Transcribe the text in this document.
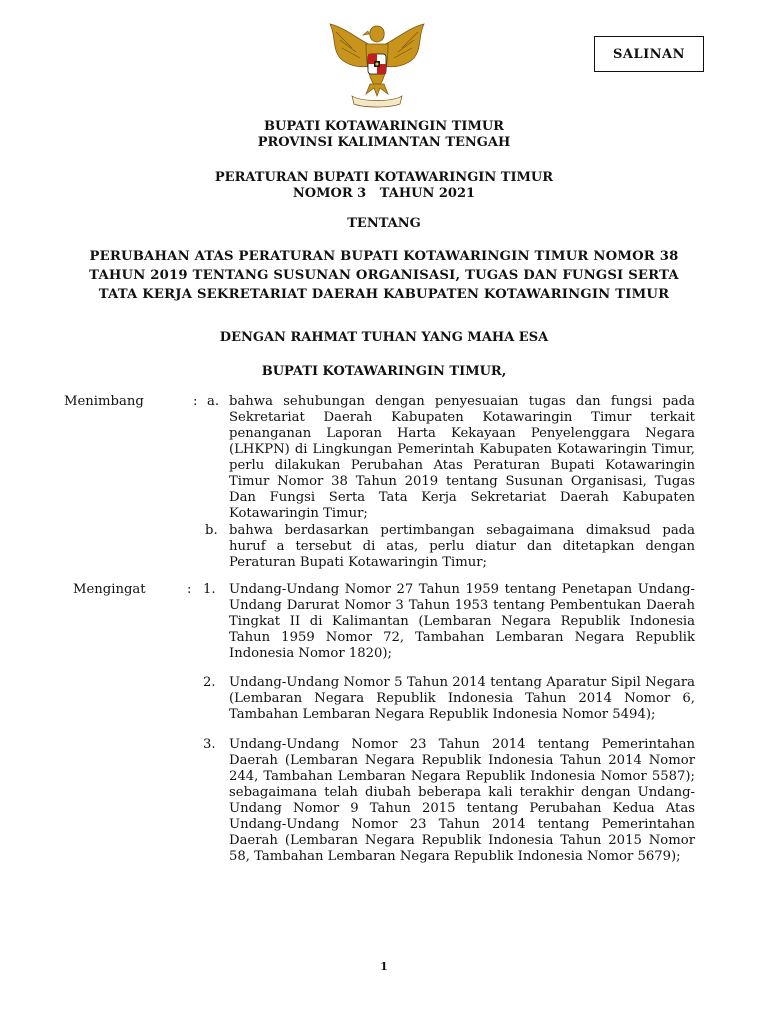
SALINAN
BUPATI KOTAWARINGIN TIMUR
PROVINSI KALIMANTAN TENGAH
PERATURAN BUPATI KOTAWARINGIN TIMUR
NOMOR 3   TAHUN 2021
TENTANG
PERUBAHAN ATAS PERATURAN BUPATI KOTAWARINGIN TIMUR NOMOR 38
TAHUN 2019 TENTANG SUSUNAN ORGANISASI, TUGAS DAN FUNGSI SERTA
TATA KERJA SEKRETARIAT DAERAH KABUPATEN KOTAWARINGIN TIMUR
DENGAN RAHMAT TUHAN YANG MAHA ESA
BUPATI KOTAWARINGIN TIMUR,
Menimbang	: a. bahwa sehubungan dengan penyesuaian tugas dan fungsi pada Sekretariat Daerah Kabupaten Kotawaringin Timur terkait penanganan Laporan Harta Kekayaan Penyelenggara Negara (LHKPN) di Lingkungan Pemerintah Kabupaten Kotawaringin Timur, perlu dilakukan Perubahan Atas Peraturan Bupati Kotawaringin Timur Nomor 38 Tahun 2019 tentang Susunan Organisasi, Tugas Dan Fungsi Serta Tata Kerja Sekretariat Daerah Kabupaten Kotawaringin Timur;
b. bahwa berdasarkan pertimbangan sebagaimana dimaksud pada huruf a tersebut di atas, perlu diatur dan ditetapkan dengan Peraturan Bupati Kotawaringin Timur;
Mengingat	: 1. Undang-Undang Nomor 27 Tahun 1959 tentang Penetapan Undang-Undang Darurat Nomor 3 Tahun 1953 tentang Pembentukan Daerah Tingkat II di Kalimantan (Lembaran Negara Republik Indonesia Tahun 1959 Nomor 72, Tambahan Lembaran Negara Republik Indonesia Nomor 1820);
2. Undang-Undang Nomor 5 Tahun 2014 tentang Aparatur Sipil Negara (Lembaran Negara Republik Indonesia Tahun 2014 Nomor 6, Tambahan Lembaran Negara Republik Indonesia Nomor 5494);
3. Undang-Undang Nomor 23 Tahun 2014 tentang Pemerintahan Daerah (Lembaran Negara Republik Indonesia Tahun 2014 Nomor 244, Tambahan Lembaran Negara Republik Indonesia Nomor 5587); sebagaimana telah diubah beberapa kali terakhir dengan Undang-Undang Nomor 9 Tahun 2015 tentang Perubahan Kedua Atas Undang-Undang Nomor 23 Tahun 2014 tentang Pemerintahan Daerah (Lembaran Negara Republik Indonesia Tahun 2015 Nomor 58, Tambahan Lembaran Negara Republik Indonesia Nomor 5679);
1
